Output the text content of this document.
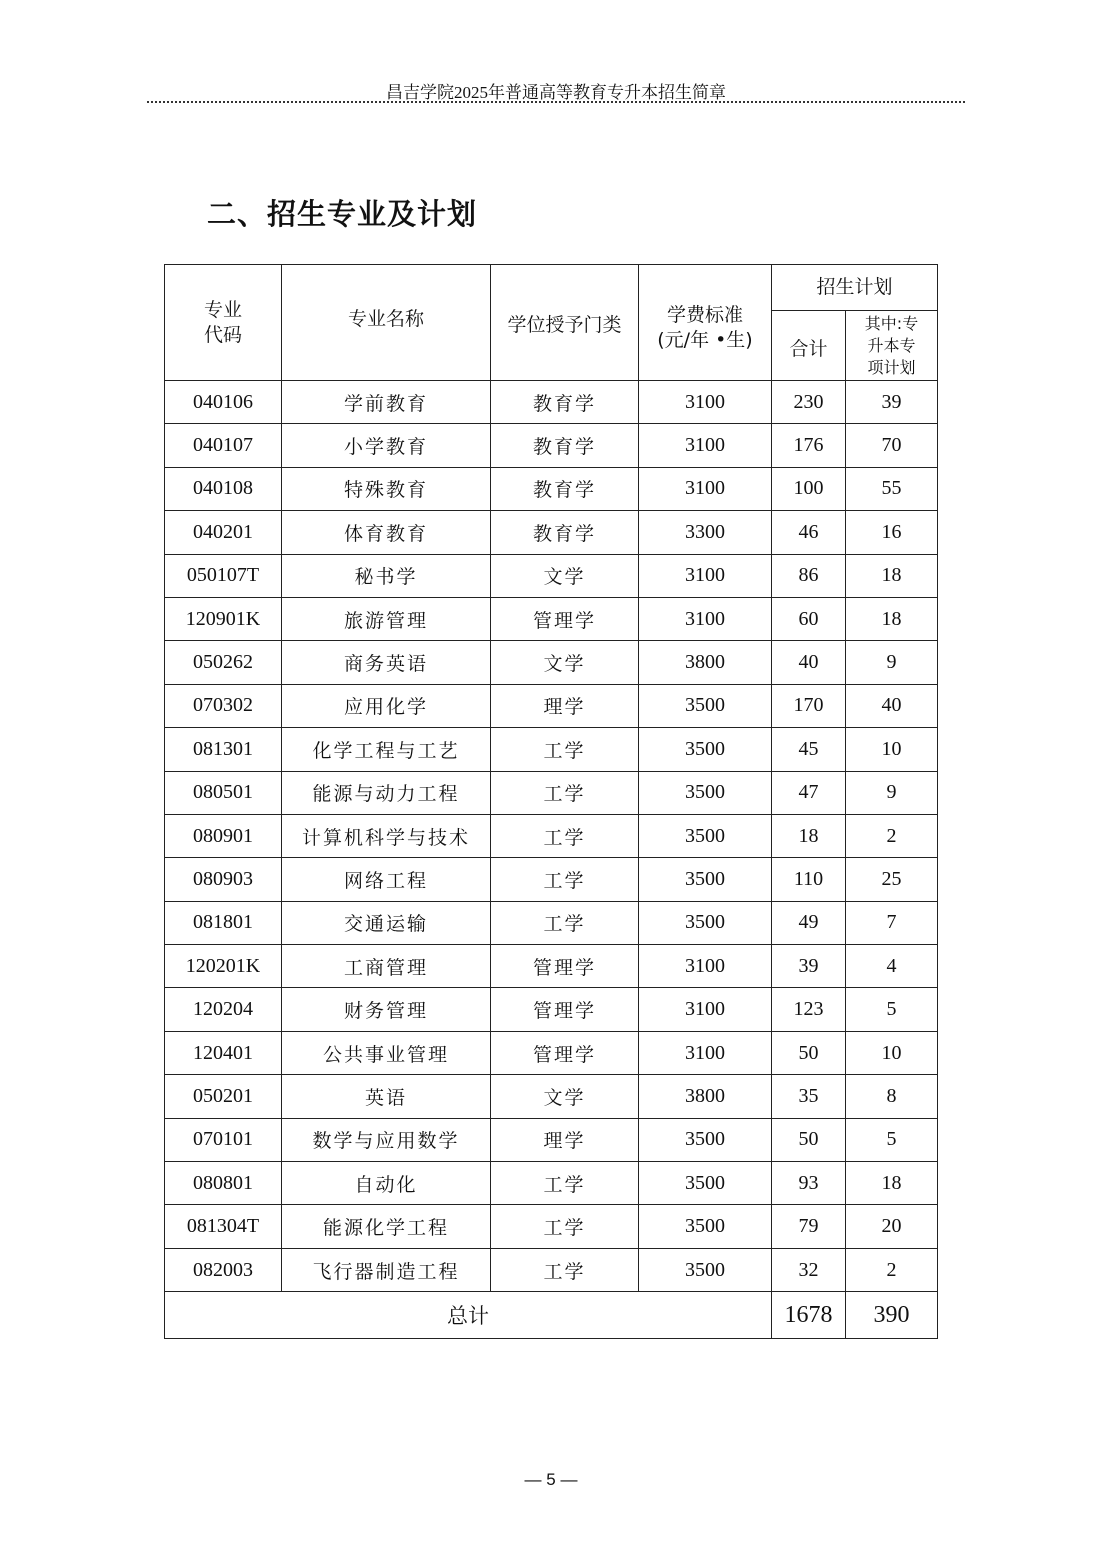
昌吉学院2025年普通高等教育专升本招生简章
二、招生专业及计划
专业
代码
	专业名称	学位授予门类	学费标准
(元/年 •生)
	招生计划
				合计	其中:专
升本专
项计划

040106	学前教育	教育学	3100	230	39
040107	小学教育	教育学	3100	176	70
040108	特殊教育	教育学	3100	100	55
040201	体育教育	教育学	3300	46	16
050107T	秘书学	文学	3100	86	18
120901K	旅游管理	管理学	3100	60	18
050262	商务英语	文学	3800	40	9
070302	应用化学	理学	3500	170	40
081301	化学工程与工艺	工学	3500	45	10
080501	能源与动力工程	工学	3500	47	9
080901	计算机科学与技术	工学	3500	18	2
080903	网络工程	工学	3500	110	25
081801	交通运输	工学	3500	49	7
120201K	工商管理	管理学	3100	39	4
120204	财务管理	管理学	3100	123	5
120401	公共事业管理	管理学	3100	50	10
050201	英语	文学	3800	35	8
070101	数学与应用数学	理学	3500	50	5
080801	自动化	工学	3500	93	18
081304T	能源化学工程	工学	3500	79	20
082003	飞行器制造工程	工学	3500	32	2
总计				1678	390
— 5 —
